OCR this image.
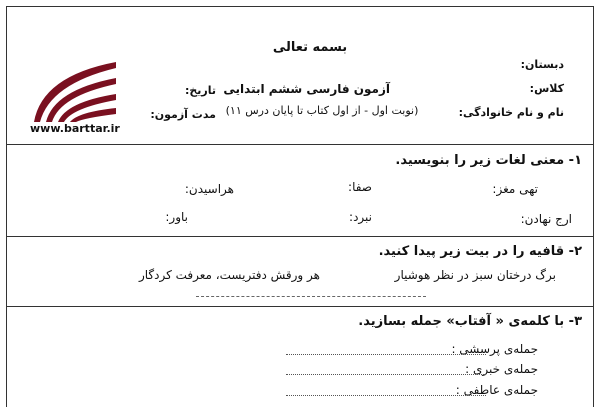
www.barttar.ir
بسمه تعالی
آزمون فارسی ششم ابتدایی
(نوبت اول - از اول کتاب تا پایان درس ۱۱)
دبستان:
کلاس:
نام و نام خانوادگی:
تاریخ:
مدت آزمون:
۱- معنی لغات زیر را بنویسید.
تهی مغز:
صفا:
هراسیدن:
ارج نهادن:
نبرد:
باور:
۲- قافیه را در بیت زیر پیدا کنید.
برگ درختان سبز در نظر هوشیار
هر ورقش دفتریست، معرفت کردگار
۳- با کلمه‌ی « آفتاب» جمله بسازید.
جمله‌ی پرسشی :
جمله‌ی خبری :
جمله‌ی عاطفی :
